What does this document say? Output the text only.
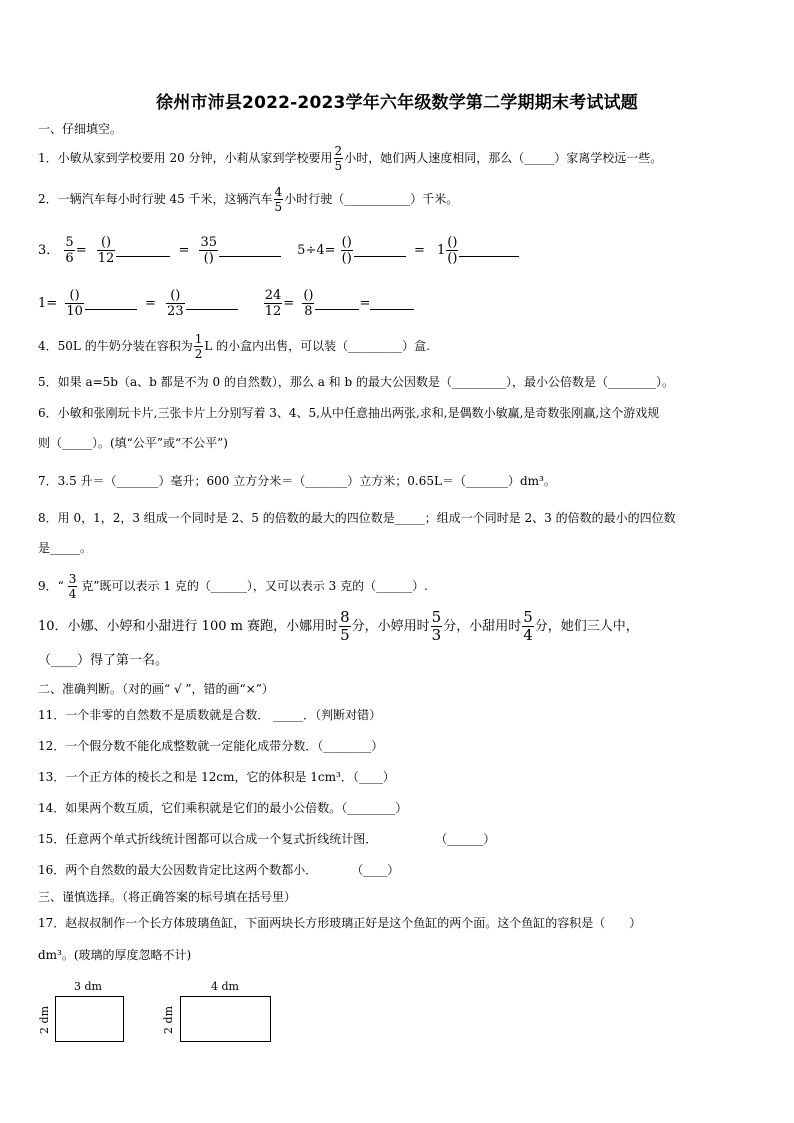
徐州市沛县2022-2023学年六年级数学第二学期期末考试试题
一、仔细填空。
1．小敏从家到学校要用 20 分钟，小莉从家到学校要用 $\frac{2}{5}$ 小时，她们两人速度相同，那么（_____）家离学校远一些。
2．一辆汽车每小时行驶 45 千米，这辆汽车 $\frac{4}{5}$ 小时行驶（___________）千米。
3． $\frac{5}{6} = \frac{()}{12}$	= $\frac{35}{()}$	$5\div 4= \frac{()}{()}$	= $1 \frac{()}{()}$
$1= \frac{()}{10}$	= $\frac{()}{23}$
	$\frac{24}{12} = \frac{()}{8}$	=
4．50L 的牛奶分装在容积为 $\frac{1}{2}$ L 的小盒内出售，可以装（_________）盒.
5．如果 a=5b（a、b 都是不为 0 的自然数），那么 a 和 b 的最大公因数是（_________），最小公倍数是（________）。
6．小敏和张刚玩卡片,三张卡片上分别写着 3、4、5,从中任意抽出两张,求和,是偶数小敏赢,是奇数张刚赢,这个游戏规
则（_____）。(填“公平”或“不公平”)
7．3.5 升＝（_______）毫升；600 立方分米＝（_______）立方米；0.65L＝（_______）dm³。
8．用 0，1，2，3 组成一个同时是 2、5 的倍数的最大的四位数是_____；组成一个同时是 2、3 的倍数的最小的四位数
是_____。
9．“ $\frac{3}{4}$ 克”既可以表示 1 克的（______），又可以表示 3 克的（______）.
10．小娜、小婷和小甜进行 100 m 赛跑，小娜用时 $\frac{8}{5}$ 分，小婷用时 $\frac{5}{3}$ 分，小甜用时 $\frac{5}{4}$ 分，她们三人中，
（____）得了第一名。
二、准确判断。（对的画“ √ ”，错的画“×”）
11．一个非零的自然数不是质数就是合数． _____．（判断对错）
12．一个假分数不能化成整数就一定能化成带分数．（________）
13．一个正方体的棱长之和是 12cm，它的体积是 1cm³．（____）
14．如果两个数互质，它们乘积就是它们的最小公倍数。（________）
15．任意两个单式折线统计图都可以合成一个复式折线统计图．	（______）
16．两个自然数的最大公因数肯定比这两个数都小．	（____）
三、谨慎选择。（将正确答案的标号填在括号里）
17．赵叔叔制作一个长方体玻璃鱼缸，下面两块长方形玻璃正好是这个鱼缸的两个面。这个鱼缸的容积是（　　）
dm³。(玻璃的厚度忽略不计)
3 dm
2 dm
4 dm
2 dm
